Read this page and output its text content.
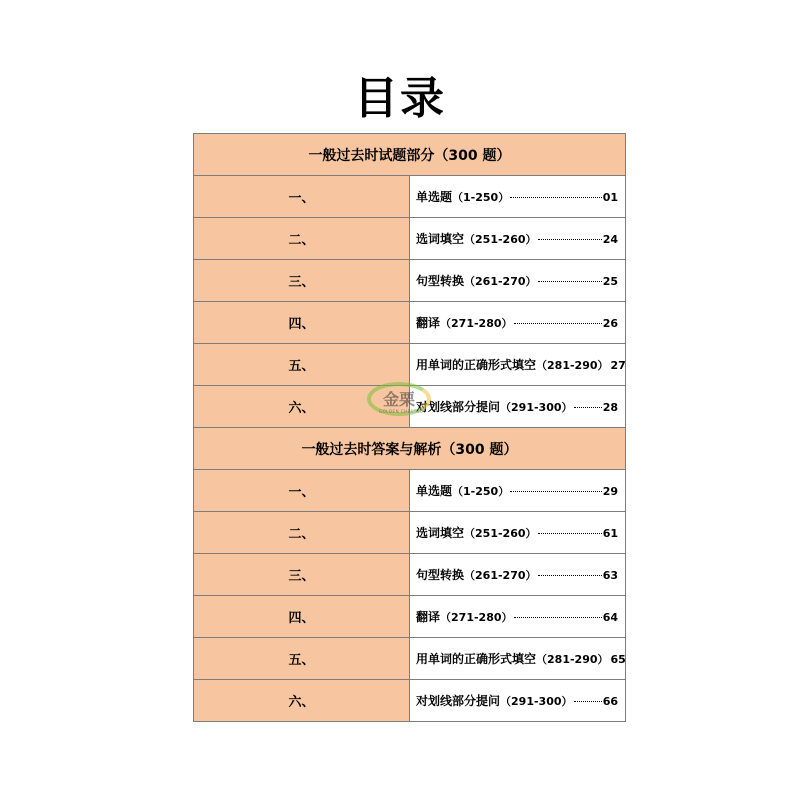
目录
一般过去时试题部分（300 题）	
一、	单选题（1-250） 01

二、	选词填空（251-260） 24

三、	句型转换（261-270） 25

四、	翻译（271-280） 26

五、	用单词的正确形式填空（281-290） 27

六、	对划线部分提问（291-300） 28

一般过去时答案与解析（300 题）	
一、	单选题（1-250） 29

二、	选词填空（251-260） 61

三、	句型转换（261-270） 63

四、	翻译（271-280） 64

五、	用单词的正确形式填空（281-290） 65

六、	对划线部分提问（291-300） 66
金栗
GOLDEN CHESTNUT
